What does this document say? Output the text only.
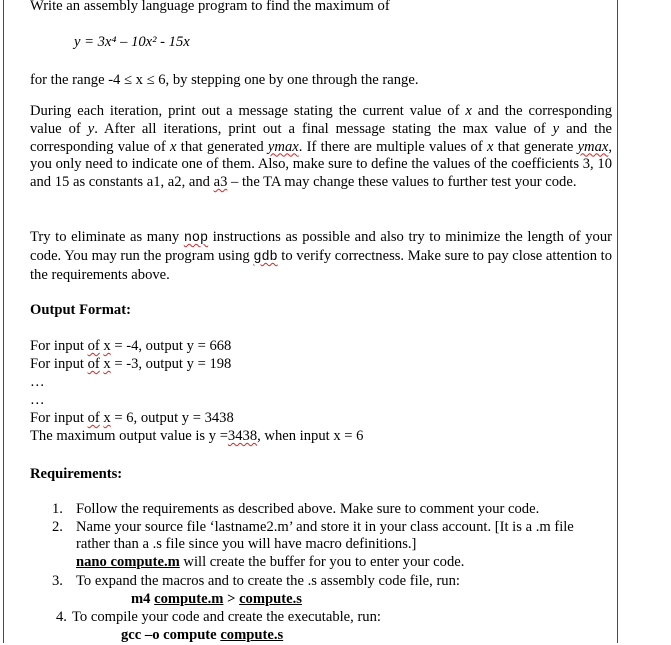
Write an assembly language program to find the maximum of

y = 3x⁴ – 10x² - 15x

for the range -4 ≤ x ≤ 6, by stepping one by one through the range.

During each iteration, print out a message stating the current value of x and the corresponding value of y. After all iterations, print out a final message stating the max value of y and the corresponding value of x that generated ymax. If there are multiple values of x that generate ymax, you only need to indicate one of them. Also, make sure to define the values of the coefficients 3, 10 and 15 as constants a1, a2, and a3 – the TA may change these values to further test your code.

Try to eliminate as many nop instructions as possible and also try to minimize the length of your code. You may run the program using gdb to verify correctness. Make sure to pay close attention to the requirements above.

Output Format:

For input of x = -4, output y = 668

For input of x = -3, output y = 198

…

…

For input of x = 6, output y = 3438

The maximum output value is y =3438, when input x = 6

Requirements:

1. Follow the requirements as described above. Make sure to comment your code.

2. Name your source file ‘lastname2.m’ and store it in your class account. [It is a .m file rather than a .s file since you will have macro definitions.]
nano compute.m will create the buffer for you to enter your code.

3. To expand the macros and to create the .s assembly code file, run:

m4 compute.m > compute.s

4. To compile your code and create the executable, run:

gcc –o compute compute.s
